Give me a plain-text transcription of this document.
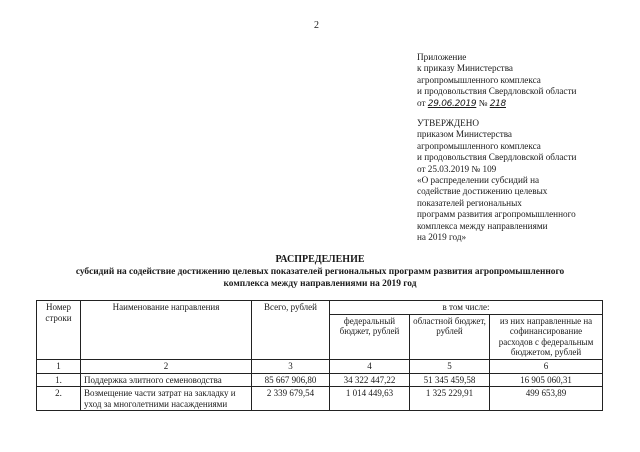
2
Приложение
к приказу Министерства
агропромышленного комплекса
и продовольствия Свердловской области
от 29.06.2019 № 218
УТВЕРЖДЕНО
приказом Министерства
агропромышленного комплекса
и продовольствия Свердловской области
от 25.03.2019 № 109
«О распределении субсидий на
содействие достижению целевых
показателей региональных
программ развития агропромышленного
комплекса между направлениями
на 2019 год»
РАСПРЕДЕЛЕНИЕ
субсидий на содействие достижению целевых показателей региональных программ развития агропромышленного
комплекса между направлениями на 2019 год
Номер строки	Наименование направления	Всего, рублей	в том числе:		
			федеральный бюджет, рублей	областной бюджет, рублей	из них направленные на софинансирование расходов с федеральным бюджетом, рублей
1	2	3	4	5	6
1.	Поддержка элитного семеноводства	85 667 906,80	34 322 447,22	51 345 459,58	16 905 060,31
2.	Возмещение части затрат на закладку и уход за многолетними насаждениями	2 339 679,54	1 014 449,63	1 325 229,91	499 653,89
